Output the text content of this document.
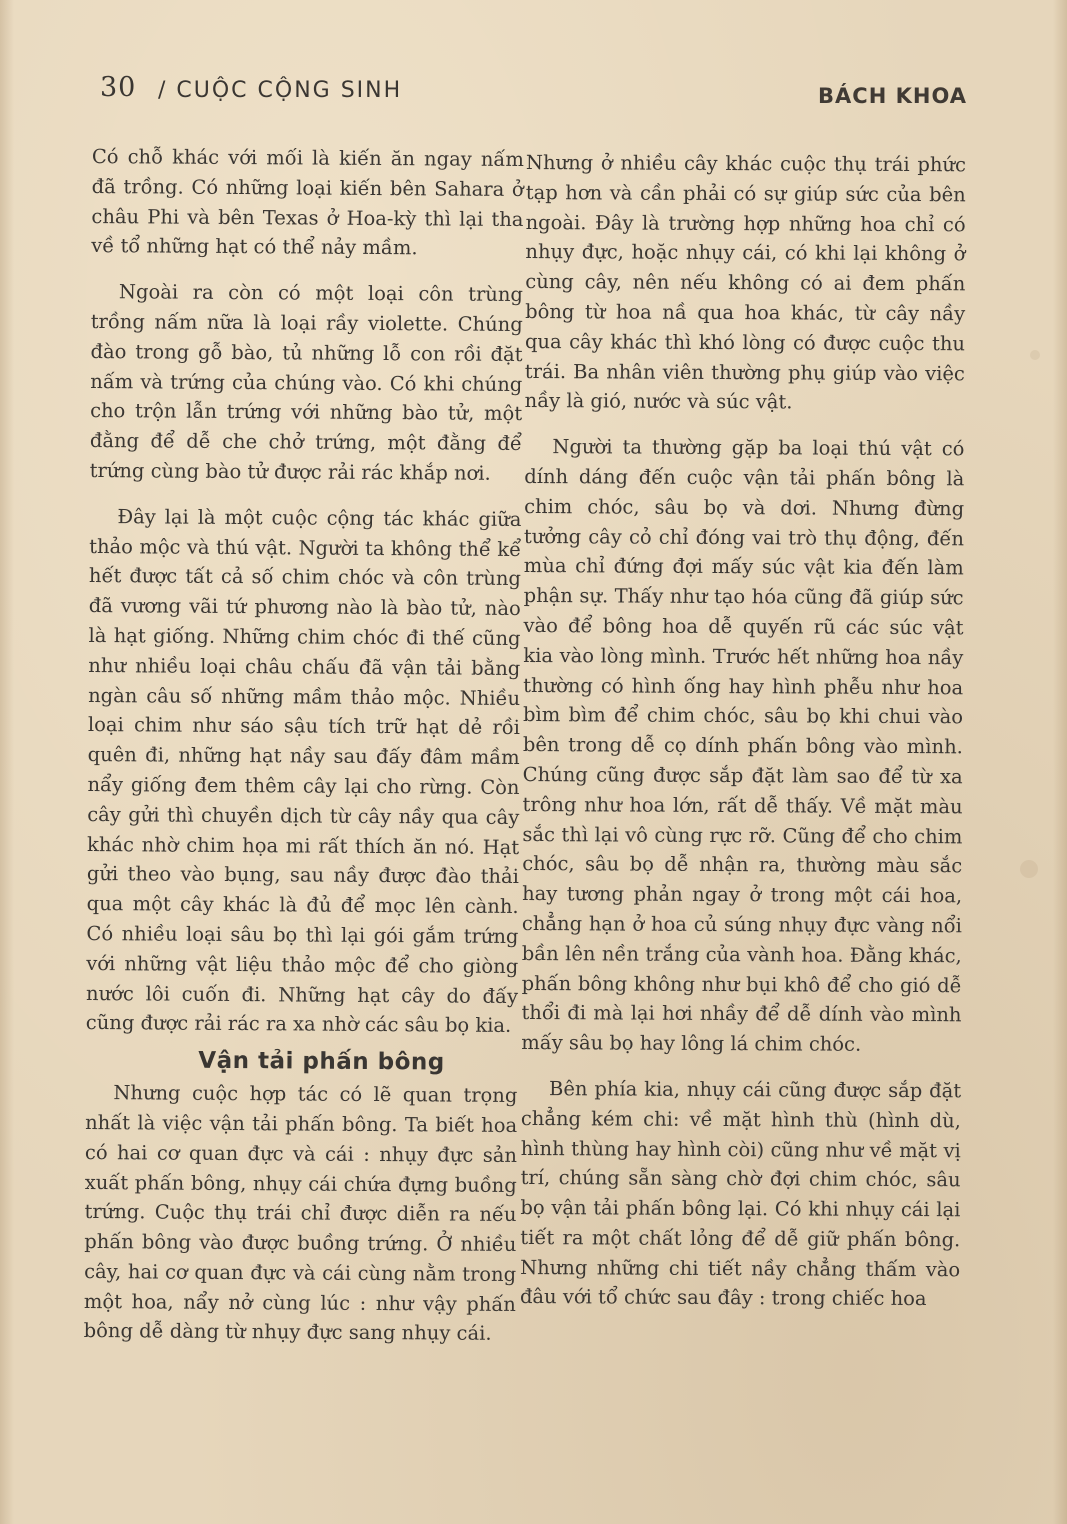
30 / CUỘC CỘNG SINH	BÁCH KHOA

Có chỗ khác với mối là kiến ăn ngay nấm đã trồng. Có những loại kiến bên Sahara ở châu Phi và bên Texas ở Hoa-kỳ thì lại tha về tổ những hạt có thể nảy mầm.

Ngoài ra còn có một loại côn trùng trồng nấm nữa là loại rầy violette. Chúng đào trong gỗ bào, tủ những lỗ con rồi đặt nấm và trứng của chúng vào. Có khi chúng cho trộn lẫn trứng với những bào tử, một đằng để dễ che chở trứng, một đằng để trứng cùng bào tử được rải rác khắp nơi.

Đây lại là một cuộc cộng tác khác giữa thảo mộc và thú vật. Người ta không thể kể hết được tất cả số chim chóc và côn trùng đã vương vãi tứ phương nào là bào tử, nào là hạt giống. Những chim chóc đi thế cũng như nhiều loại châu chấu đã vận tải bằng ngàn câu số những mầm thảo mộc. Nhiều loại chim như sáo sậu tích trữ hạt dẻ rồi quên đi, những hạt nầy sau đấy đâm mầm nẩy giống đem thêm cây lại cho rừng. Còn cây gửi thì chuyền dịch từ cây nầy qua cây khác nhờ chim họa mi rất thích ăn nó. Hạt gửi theo vào bụng, sau nầy được đào thải qua một cây khác là đủ để mọc lên cành. Có nhiều loại sâu bọ thì lại gói gắm trứng với những vật liệu thảo mộc để cho giòng nước lôi cuốn đi. Những hạt cây do đấy cũng được rải rác ra xa nhờ các sâu bọ kia.

Vận tải phấn bông

Nhưng cuộc hợp tác có lẽ quan trọng nhất là việc vận tải phấn bông. Ta biết hoa có hai cơ quan đực và cái : nhụy đực sản xuất phấn bông, nhụy cái chứa đựng buồng trứng. Cuộc thụ trái chỉ được diễn ra nếu phấn bông vào được buồng trứng. Ở nhiều cây, hai cơ quan đực và cái cùng nằm trong một hoa, nẩy nở cùng lúc : như vậy phấn bông dễ dàng từ nhụy đực sang nhụy cái.

Nhưng ở nhiều cây khác cuộc thụ trái phức tạp hơn và cần phải có sự giúp sức của bên ngoài. Đây là trường hợp những hoa chỉ có nhụy đực, hoặc nhụy cái, có khi lại không ở cùng cây, nên nếu không có ai đem phấn bông từ hoa nầ qua hoa khác, từ cây nầy qua cây khác thì khó lòng có được cuộc thu trái. Ba nhân viên thường phụ giúp vào việc nầy là gió, nước và súc vật.

Người ta thường gặp ba loại thú vật có dính dáng đến cuộc vận tải phấn bông là chim chóc, sâu bọ và dơi. Nhưng đừng tưởng cây cỏ chỉ đóng vai trò thụ động, đến mùa chỉ đứng đợi mấy súc vật kia đến làm phận sự. Thấy như tạo hóa cũng đã giúp sức vào để bông hoa dễ quyến rũ các súc vật kia vào lòng mình. Trước hết những hoa nầy thường có hình ống hay hình phễu như hoa bìm bìm để chim chóc, sâu bọ khi chui vào bên trong dễ cọ dính phấn bông vào mình. Chúng cũng được sắp đặt làm sao để từ xa trông như hoa lớn, rất dễ thấy. Về mặt màu sắc thì lại vô cùng rực rỡ. Cũng để cho chim chóc, sâu bọ dễ nhận ra, thường màu sắc hay tương phản ngay ở trong một cái hoa, chẳng hạn ở hoa củ súng nhụy đực vàng nổi bần lên nền trắng của vành hoa. Đằng khác, phấn bông không như bụi khô để cho gió dễ thổi đi mà lại hơi nhầy để dễ dính vào mình mấy sâu bọ hay lông lá chim chóc.

Bên phía kia, nhụy cái cũng được sắp đặt chẳng kém chi: về mặt hình thù (hình dù, hình thùng hay hình còi) cũng như về mặt vị trí, chúng sẵn sàng chờ đợi chim chóc, sâu bọ vận tải phấn bông lại. Có khi nhụy cái lại tiết ra một chất lỏng để dễ giữ phấn bông. Nhưng những chi tiết nầy chẳng thấm vào đâu với tổ chức sau đây : trong chiếc hoa
